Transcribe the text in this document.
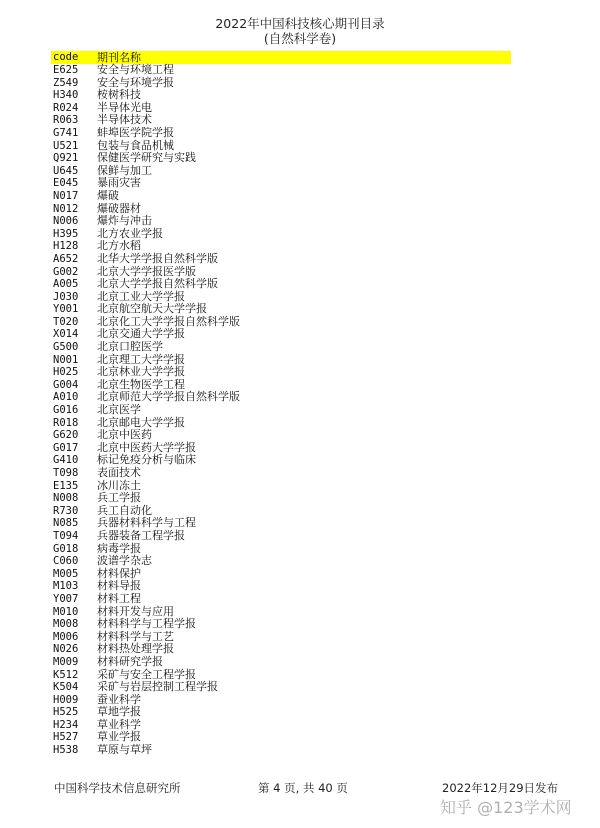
2022年中国科技核心期刊目录
(自然科学卷)
code 期刊名称
E625 安全与环境工程
Z549 安全与环境学报
H340 桉树科技
R024 半导体光电
R063 半导体技术
G741 蚌埠医学院学报
U521 包装与食品机械
Q921 保健医学研究与实践
U645 保鲜与加工
E045 暴雨灾害
N017 爆破
N012 爆破器材
N006 爆炸与冲击
H395 北方农业学报
H128 北方水稻
A652 北华大学学报自然科学版
G002 北京大学学报医学版
A005 北京大学学报自然科学版
J030 北京工业大学学报
Y001 北京航空航天大学学报
T020 北京化工大学学报自然科学版
X014 北京交通大学学报
G500 北京口腔医学
N001 北京理工大学学报
H025 北京林业大学学报
G004 北京生物医学工程
A010 北京师范大学学报自然科学版
G016 北京医学
R018 北京邮电大学学报
G620 北京中医药
G017 北京中医药大学学报
G410 标记免疫分析与临床
T098 表面技术
E135 冰川冻土
N008 兵工学报
R730 兵工自动化
N085 兵器材料科学与工程
T094 兵器装备工程学报
G018 病毒学报
C060 波谱学杂志
M005 材料保护
M103 材料导报
Y007 材料工程
M010 材料开发与应用
M008 材料科学与工程学报
M006 材料科学与工艺
N026 材料热处理学报
M009 材料研究学报
K512 采矿与安全工程学报
K504 采矿与岩层控制工程学报
H009 蚕业科学
H525 草地学报
H234 草业科学
H527 草业学报
H538 草原与草坪
中国科学技术信息研究所	第 4 页, 共 40 页	2022年12月29日发布
知乎 @123学术网
